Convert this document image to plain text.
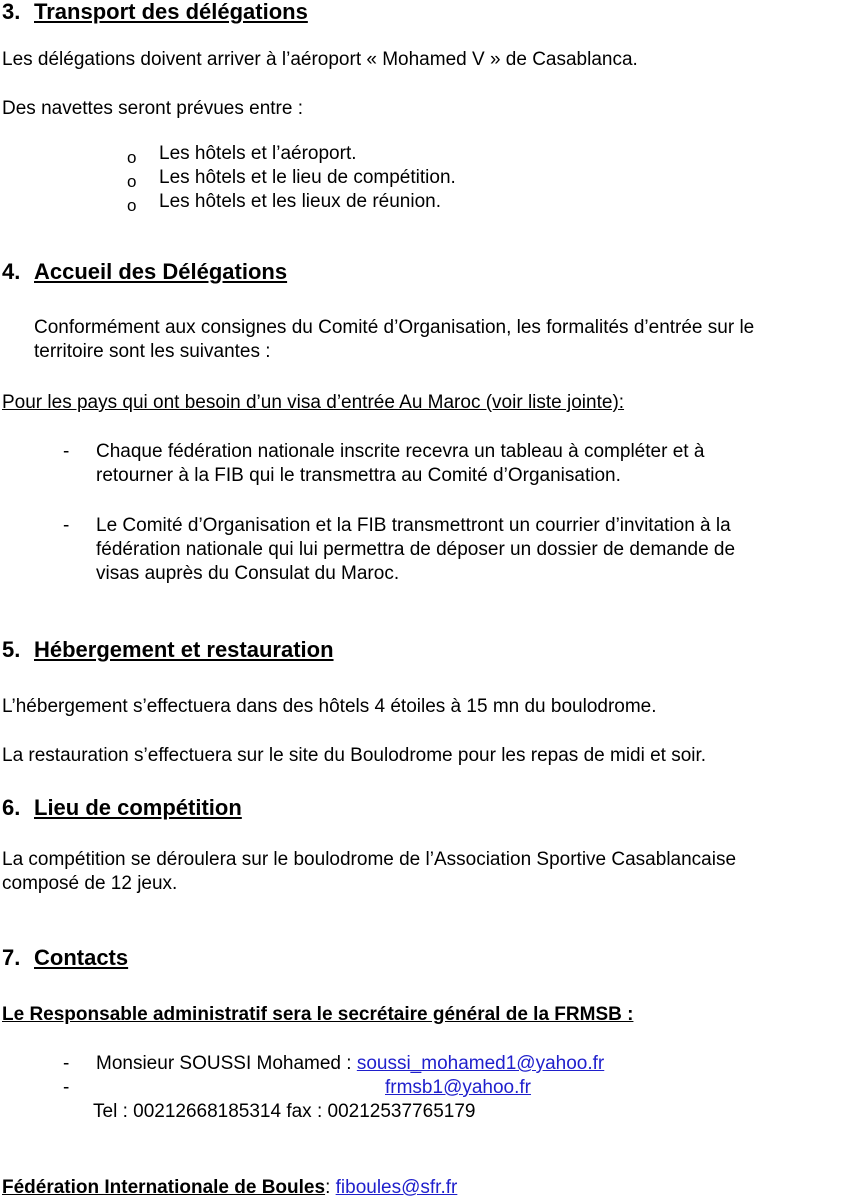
3. Transport des délégations
Les délégations doivent arriver à l’aéroport « Mohamed V » de Casablanca.
Des navettes seront prévues entre :
o Les hôtels et l’aéroport.
o Les hôtels et le lieu de compétition.
o Les hôtels et les lieux de réunion.
4. Accueil des Délégations
Conformément aux consignes du Comité d’Organisation, les formalités d’entrée sur le
territoire sont les suivantes :
Pour les pays qui ont besoin d’un visa d’entrée Au Maroc (voir liste jointe):
- Chaque fédération nationale inscrite recevra un tableau à compléter et à
retourner à la FIB qui le transmettra au Comité d’Organisation.
- Le Comité d’Organisation et la FIB transmettront un courrier d’invitation à la
fédération nationale qui lui permettra de déposer un dossier de demande de
visas auprès du Consulat du Maroc.
5. Hébergement et restauration
L’hébergement s’effectuera dans des hôtels 4 étoiles à 15 mn du boulodrome.
La restauration s’effectuera sur le site du Boulodrome pour les repas de midi et soir.
6. Lieu de compétition
La compétition se déroulera sur le boulodrome de l’Association Sportive Casablancaise
composé de 12 jeux.
7. Contacts
Le Responsable administratif sera le secrétaire général de la FRMSB :
- Monsieur SOUSSI Mohamed : soussi_mohamed1@yahoo.fr
-	frmsb1@yahoo.fr
Tel : 00212668185314 fax : 00212537765179
Fédération Internationale de Boules: fiboules@sfr.fr
